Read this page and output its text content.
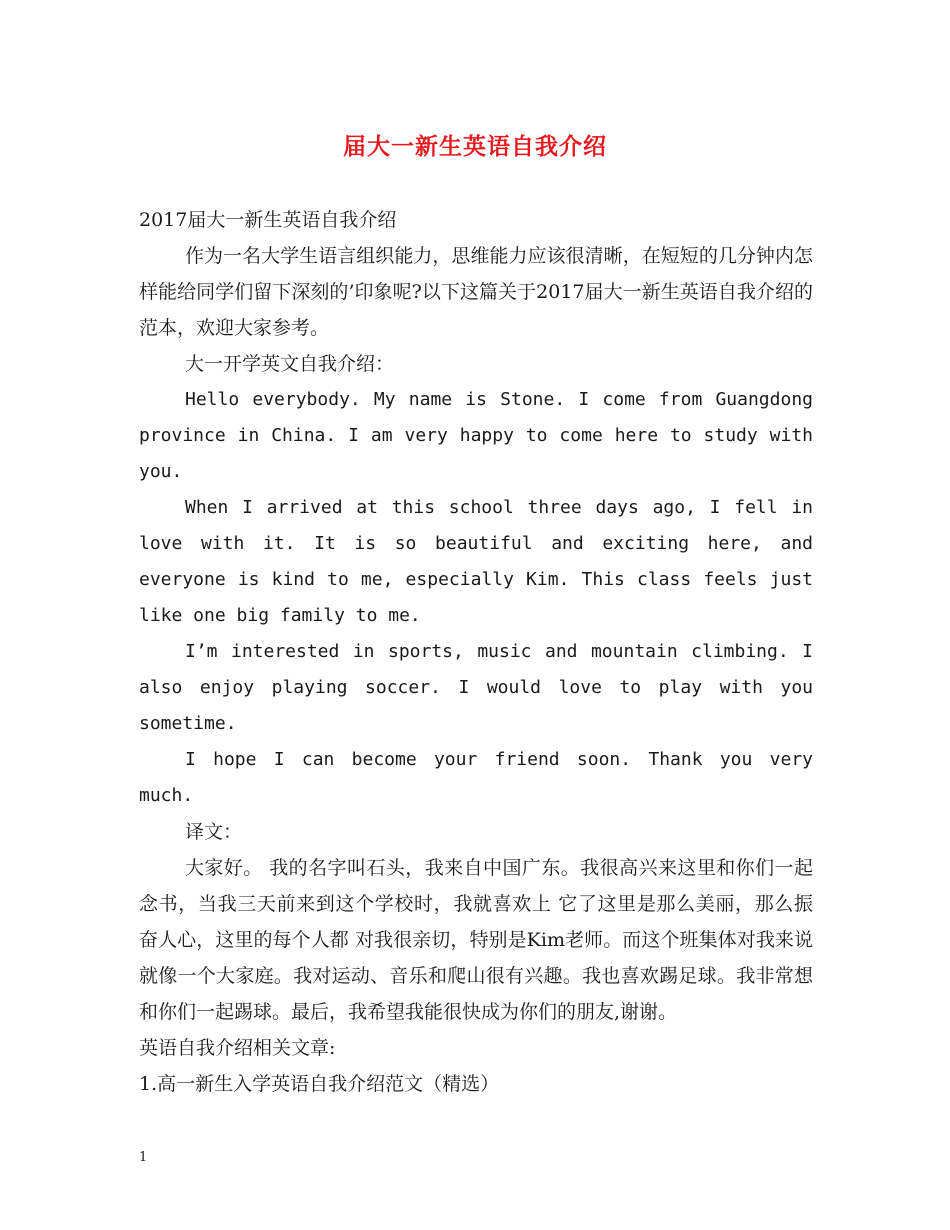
届大一新生英语自我介绍

2017届大一新生英语自我介绍

作为一名大学生语言组织能力，思维能力应该很清晰，在短短的几分钟内怎样能给同学们留下深刻的’印象呢?以下这篇关于2017届大一新生英语自我介绍的范本，欢迎大家参考。

大一开学英文自我介绍：

Hello everybody. My name is Stone. I come from Guangdong province in China. I am very happy to come here to study with you.

When I arrived at this school three days ago, I fell in love with it. It is so beautiful and exciting here, and everyone is kind to me, especially Kim. This class feels just like one big family to me.

I’m interested in sports, music and mountain climbing. I also enjoy playing soccer. I would love to play with you sometime.

I hope I can become your friend soon. Thank you very much.

译文：

大家好。 我的名字叫石头，我来自中国广东。我很高兴来这里和你们一起念书，当我三天前来到这个学校时，我就喜欢上 它了这里是那么美丽，那么振 奋人心，这里的每个人都 对我很亲切，特别是Kim老师。而这个班集体对我来说就像一个大家庭。我对运动、音乐和爬山很有兴趣。我也喜欢踢足球。我非常想和你们一起踢球。最后，我希望我能很快成为你们的朋友,谢谢。

英语自我介绍相关文章:

1.高一新生入学英语自我介绍范文（精选）

1
